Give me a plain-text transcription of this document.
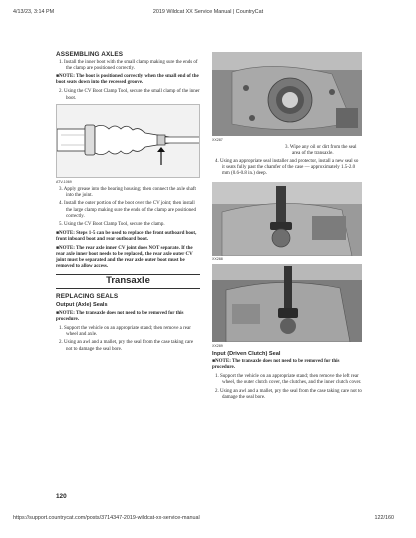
4/13/23, 3:14 PM	2019 Wildcat XX Service Manual | CountryCat
ASSEMBLING AXLES
1. Install the inner boot with the small clamp making sure the ends of the clamp are positioned correctly.
■NOTE: The boot is positioned correctly when the small end of the boot seats down into the recessed groove.
2. Using the CV Boot Clamp Tool, secure the small clamp of the inner boot.
ATV-1069
3. Apply grease into the bearing housing; then connect the axle shaft into the joint.
4. Install the outer portion of the boot over the CV joint; then install the large clamp making sure the ends of the clamp are positioned correctly.
5. Using the CV Boot Clamp Tool, secure the clamp.
■NOTE: Steps 1-5 can be used to replace the front outboard boot, front inboard boot and rear outboard boot.
■NOTE: The rear axle inner CV joint does NOT separate. If the rear axle inner boot needs to be replaced, the rear axle outer CV joint must be separated and the rear axle outer boot must be removed to allow access.
Transaxle
REPLACING SEALS
Output (Axle) Seals
■NOTE: The transaxle does not need to be removed for this procedure.
1. Support the vehicle on an appropriate stand; then remove a rear wheel and axle.
2. Using an awl and a mallet, pry the seal from the case taking care not to damage the seal bore.
XX287
3. Wipe any oil or dirt from the seal area of the transaxle.
4. Using an appropriate seal installer and protector, install a new seal so it seats fully past the chamfer of the case — approximately 1.5-2.0 mm (0.6-0.8 in.) deep.
XX288
XX289
Input (Driven Clutch) Seal
■NOTE: The transaxle does not need to be removed for this procedure.
1. Support the vehicle on an appropriate stand; then remove the left rear wheel, the outer clutch cover, the clutches, and the inner clutch cover.
2. Using an awl and a mallet, pry the seal from the case taking care not to damage the seal bore.
120
https://support.countrycat.com/posts/3714347-2019-wildcat-xx-service-manual	122/160
